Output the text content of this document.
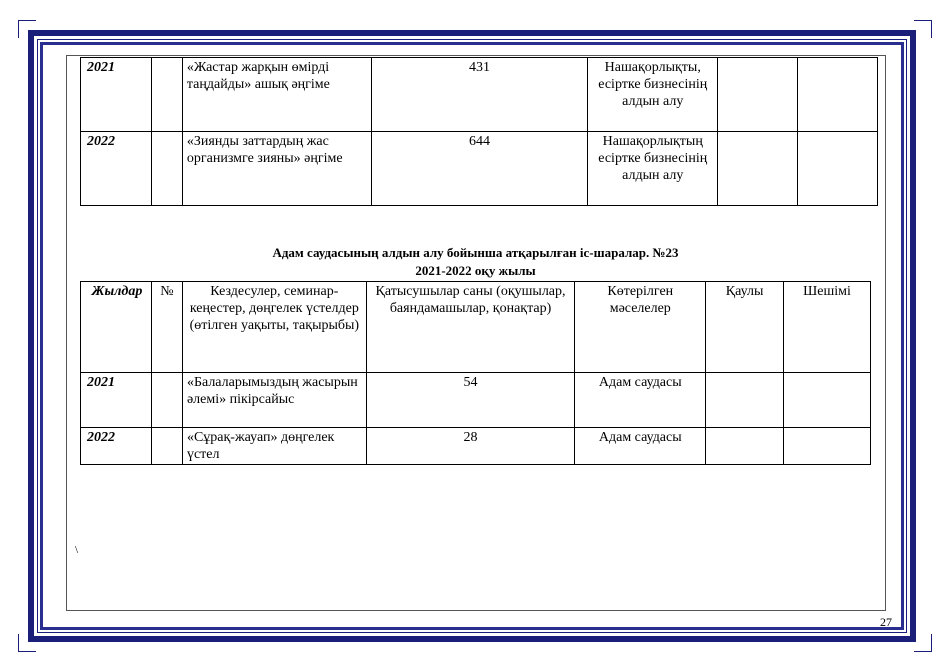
2021		«Жастар жарқын өмірді таңдайды» ашық әңгіме	431	Нашақорлықты, есіртке бизнесінің алдын алу		
2022		«Зиянды заттардың жас организмге зияны» әңгіме	644	Нашақорлықтың есіртке бизнесінің алдын алу		
Адам саудасының алдын алу бойынша атқарылған іс-шаралар. №23
2021-2022 оқу жылы
Жылдар	№	Кездесулер, семинар-кеңестер, дөңгелек үстелдер (өтілген уақыты, тақырыбы)	Қатысушылар саны (оқушылар, баяндамашылар, қонақтар)	Көтерілген мәселелер	Қаулы	Шешімі
2021		«Балаларымыздың жасырын әлемі» пікірсайыс	54	Адам саудасы		
2022		«Сұрақ-жауап» дөңгелек үстел	28	Адам саудасы		
\
27
